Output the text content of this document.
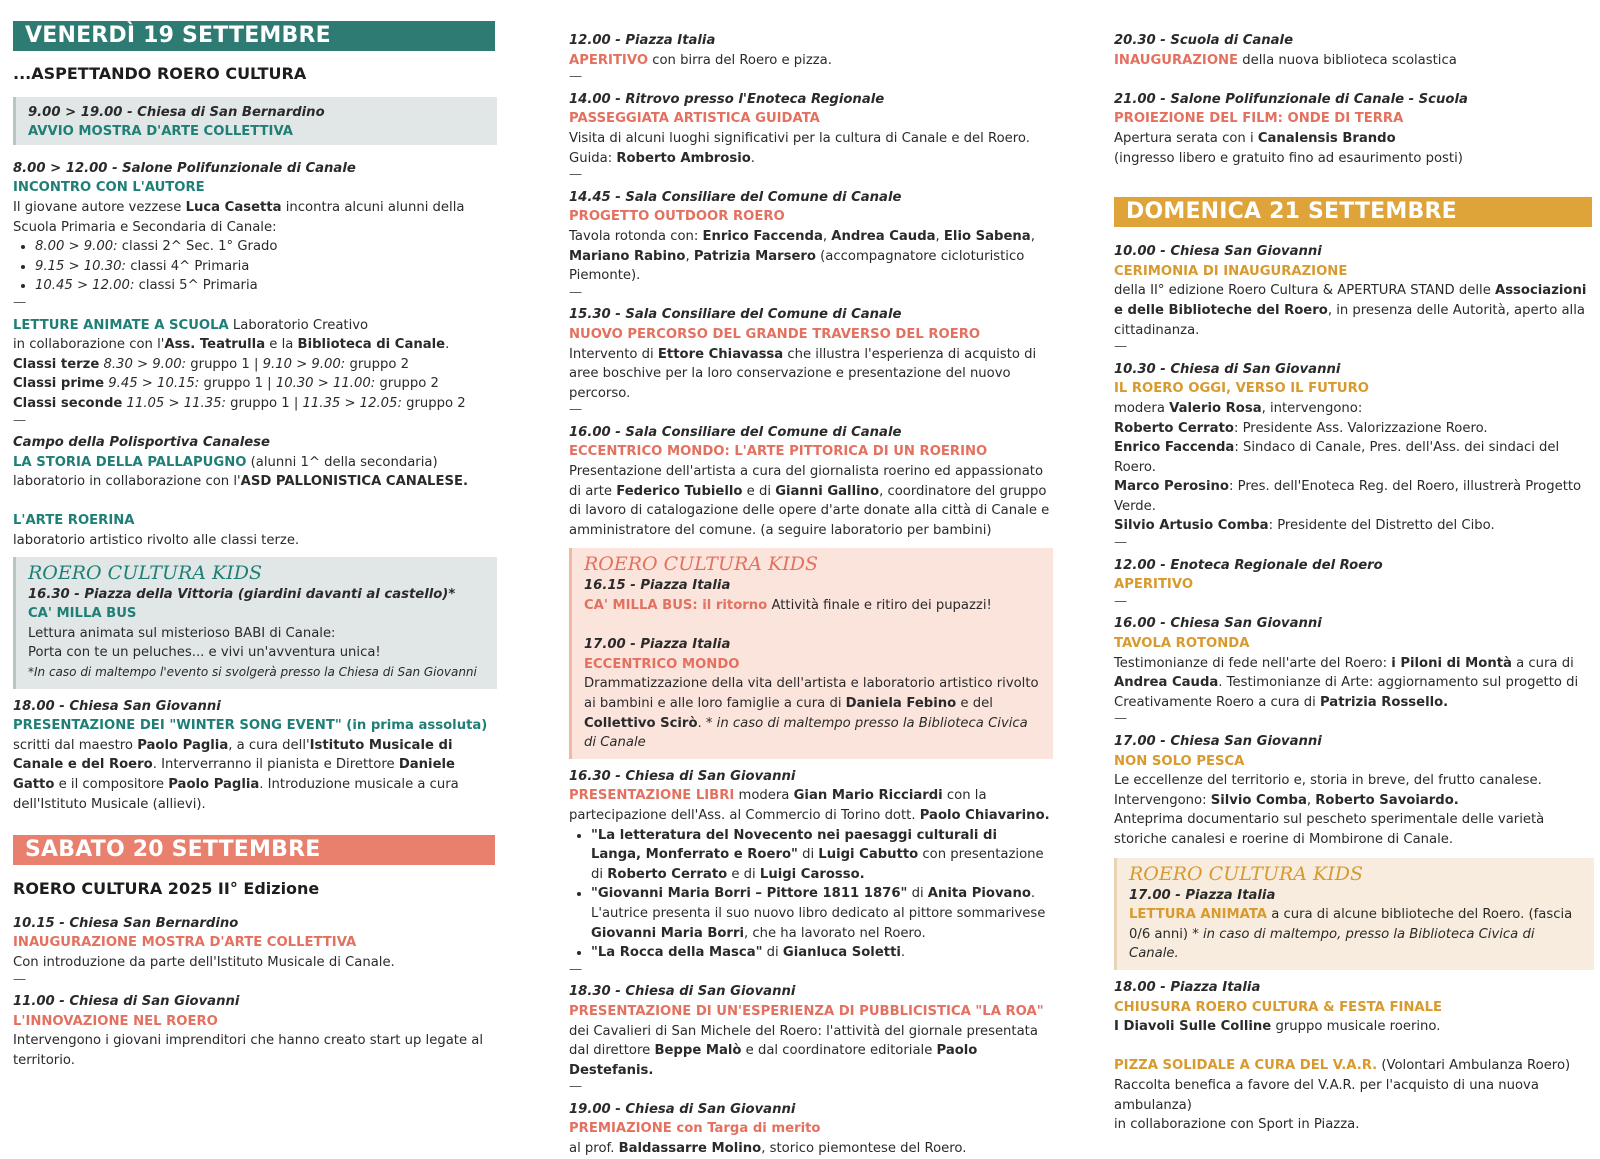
VENERDÌ 19 SETTEMBRE
...ASPETTANDO ROERO CULTURA
9.00 > 19.00 - Chiesa di San Bernardino
AVVIO MOSTRA D'ARTE COLLETTIVA
8.00 > 12.00 - Salone Polifunzionale di Canale
INCONTRO CON L'AUTORE

Il giovane autore vezzese Luca Casetta incontra alcuni alunni della Scuola Primaria e Secondaria di Canale:

• 8.00 > 9.00: classi 2^ Sec. 1° Grado
• 9.15 > 10.30: classi 4^ Primaria
• 10.45 > 12.00: classi 5^ Primaria
—

LETTURE ANIMATE A SCUOLA Laboratorio Creativo

in collaborazione con l'Ass. Teatrulla e la Biblioteca di Canale.

Classi terze 8.30 > 9.00: gruppo 1 | 9.10 > 9.00: gruppo 2

Classi prime 9.45 > 10.15: gruppo 1 | 10.30 > 11.00: gruppo 2

Classi seconde 11.05 > 11.35: gruppo 1 | 11.35 > 12.05: gruppo 2

—
Campo della Polisportiva Canalese

LA STORIA DELLA PALLAPUGNO (alunni 1^ della secondaria)

laboratorio in collaborazione con l'ASD PALLONISTICA CANALESE.

L'ARTE ROERINA

laboratorio artistico rivolto alle classi terze.

ROERO CULTURA KIDS
16.30 - Piazza della Vittoria (giardini davanti al castello)*
CA' MILLA BUS

Lettura animata sul misterioso BABI di Canale:

Porta con te un peluches... e vivi un'avventura unica!

*In caso di maltempo l'evento si svolgerà presso la Chiesa di San Giovanni

18.00 - Chiesa San Giovanni
PRESENTAZIONE DEI "WINTER SONG EVENT" (in prima assoluta)

scritti dal maestro Paolo Paglia, a cura dell'Istituto Musicale di Canale e del Roero. Interverranno il pianista e Direttore Daniele Gatto e il compositore Paolo Paglia. Introduzione musicale a cura dell'Istituto Musicale (allievi).

SABATO 20 SETTEMBRE
ROERO CULTURA 2025 II° Edizione
10.15 - Chiesa San Bernardino
INAUGURAZIONE MOSTRA D'ARTE COLLETTIVA

Con introduzione da parte dell'Istituto Musicale di Canale.

—
11.00 - Chiesa di San Giovanni
L'INNOVAZIONE NEL ROERO

Intervengono i giovani imprenditori che hanno creato start up legate al territorio.

12.00 - Piazza Italia

APERITIVO con birra del Roero e pizza.

—
14.00 - Ritrovo presso l'Enoteca Regionale
PASSEGGIATA ARTISTICA GUIDATA

Visita di alcuni luoghi significativi per la cultura di Canale e del Roero. Guida: Roberto Ambrosio.

—
14.45 - Sala Consiliare del Comune di Canale
PROGETTO OUTDOOR ROERO

Tavola rotonda con: Enrico Faccenda, Andrea Cauda, Elio Sabena, Mariano Rabino, Patrizia Marsero (accompagnatore cicloturistico Piemonte).

—
15.30 - Sala Consiliare del Comune di Canale
NUOVO PERCORSO DEL GRANDE TRAVERSO DEL ROERO

Intervento di Ettore Chiavassa che illustra l'esperienza di acquisto di aree boschive per la loro conservazione e presentazione del nuovo percorso.

—
16.00 - Sala Consiliare del Comune di Canale
ECCENTRICO MONDO: L'ARTE PITTORICA DI UN ROERINO

Presentazione dell'artista a cura del giornalista roerino ed appassionato di arte Federico Tubiello e di Gianni Gallino, coordinatore del gruppo di lavoro di catalogazione delle opere d'arte donate alla città di Canale e amministratore del comune. (a seguire laboratorio per bambini)

ROERO CULTURA KIDS
16.15 - Piazza Italia

CA' MILLA BUS: il ritorno Attività finale e ritiro dei pupazzi!

17.00 - Piazza Italia
ECCENTRICO MONDO

Drammatizzazione della vita dell'artista e laboratorio artistico rivolto ai bambini e alle loro famiglie a cura di Daniela Febino e del Collettivo Scirò. * in caso di maltempo presso la Biblioteca Civica di Canale

16.30 - Chiesa di San Giovanni

PRESENTAZIONE LIBRI modera Gian Mario Ricciardi con la partecipazione dell'Ass. al Commercio di Torino dott. Paolo Chiavarino.

• "La letteratura del Novecento nei paesaggi culturali di Langa, Monferrato e Roero" di Luigi Cabutto con presentazione di Roberto Cerrato e di Luigi Carosso.
• "Giovanni Maria Borri – Pittore 1811 1876" di Anita Piovano. L'autrice presenta il suo nuovo libro dedicato al pittore sommarivese Giovanni Maria Borri, che ha lavorato nel Roero.
• "La Rocca della Masca" di Gianluca Soletti.
—
18.30 - Chiesa di San Giovanni
PRESENTAZIONE DI UN'ESPERIENZA DI PUBBLICISTICA "LA ROA"

dei Cavalieri di San Michele del Roero: l'attività del giornale presentata dal direttore Beppe Malò e dal coordinatore editoriale Paolo Destefanis.

—
19.00 - Chiesa di San Giovanni
PREMIAZIONE con Targa di merito

al prof. Baldassarre Molino, storico piemontese del Roero.

20.30 - Scuola di Canale

INAUGURAZIONE della nuova biblioteca scolastica

21.00 - Salone Polifunzionale di Canale - Scuola
PROIEZIONE DEL FILM: ONDE DI TERRA

Apertura serata con i Canalensis Brando

(ingresso libero e gratuito fino ad esaurimento posti)

DOMENICA 21 SETTEMBRE
10.00 - Chiesa San Giovanni
CERIMONIA DI INAUGURAZIONE

della II° edizione Roero Cultura & APERTURA STAND delle Associazioni e delle Biblioteche del Roero, in presenza delle Autorità, aperto alla cittadinanza.

—
10.30 - Chiesa di San Giovanni
IL ROERO OGGI, VERSO IL FUTURO

modera Valerio Rosa, intervengono:

Roberto Cerrato: Presidente Ass. Valorizzazione Roero.

Enrico Faccenda: Sindaco di Canale, Pres. dell'Ass. dei sindaci del Roero.

Marco Perosino: Pres. dell'Enoteca Reg. del Roero, illustrerà Progetto Verde.

Silvio Artusio Comba: Presidente del Distretto del Cibo.

—
12.00 - Enoteca Regionale del Roero
APERITIVO
—
16.00 - Chiesa San Giovanni
TAVOLA ROTONDA

Testimonianze di fede nell'arte del Roero: i Piloni di Montà a cura di Andrea Cauda. Testimonianze di Arte: aggiornamento sul progetto di Creativamente Roero a cura di Patrizia Rossello.

—
17.00 - Chiesa San Giovanni
NON SOLO PESCA

Le eccellenze del territorio e, storia in breve, del frutto canalese.

Intervengono: Silvio Comba, Roberto Savoiardo.

Anteprima documentario sul pescheto sperimentale delle varietà storiche canalesi e roerine di Mombirone di Canale.

ROERO CULTURA KIDS
17.00 - Piazza Italia

LETTURA ANIMATA a cura di alcune biblioteche del Roero. (fascia 0/6 anni) * in caso di maltempo, presso la Biblioteca Civica di Canale.

18.00 - Piazza Italia
CHIUSURA ROERO CULTURA & FESTA FINALE

I Diavoli Sulle Colline gruppo musicale roerino.

PIZZA SOLIDALE A CURA DEL V.A.R. (Volontari Ambulanza Roero)

Raccolta benefica a favore del V.A.R. per l'acquisto di una nuova ambulanza)

in collaborazione con Sport in Piazza.
